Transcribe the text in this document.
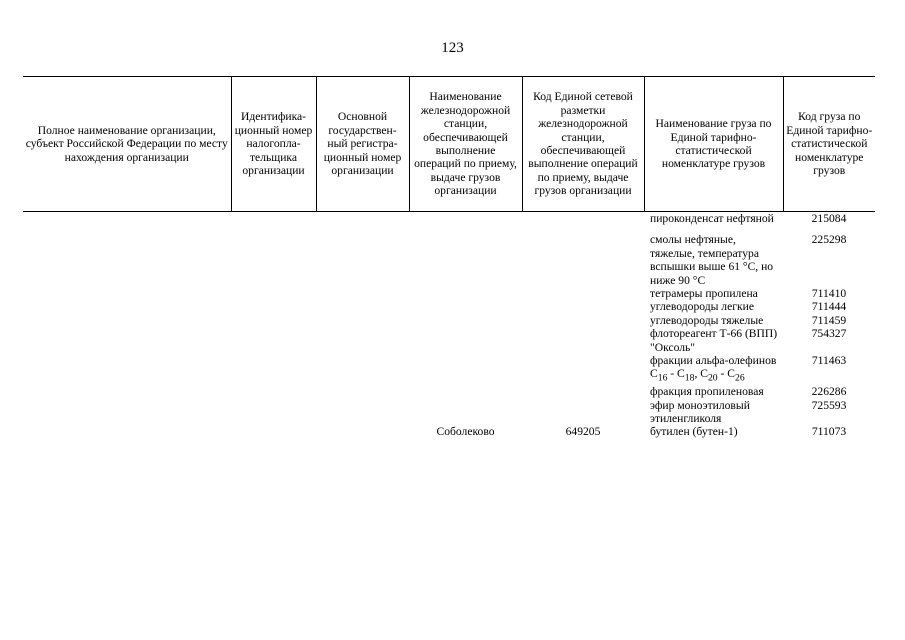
123
Полное наименование организации, субъект Российской Федерации по месту нахождения организации	Идентифика-ционный номер налогопла-тельщика организации	Основной государствен-ный регистра-ционный номер организации	Наименование железнодорожной станции, обеспечивающей выполнение операций по приему, выдаче грузов организации	Код Единой сетевой разметки железнодорожной станции, обеспечивающей выполнение операций по приему, выдаче грузов организации	Наименование груза по Единой тарифно-статистической номенклатуре грузов	Код груза по Единой тарифно-статистической номенклатуре грузов
					пироконденсат нефтяной	215084
					смолы нефтяные, тяжелые, температура вспышки выше 61 °С, но ниже 90 °С	225298
					тетрамеры пропилена	711410
					углеводороды легкие	711444
					углеводороды тяжелые	711459
					флотореагент Т-66 (ВПП) "Оксоль"	754327
					фракции альфа-олефинов $С_{16} - С_{18}$, $С_{20} - С_{26}$	711463
					фракция пропиленовая	226286
					эфир моноэтиловый этиленгликоля	725593
			Соболеково	649205	бутилен (бутен-1)	711073
